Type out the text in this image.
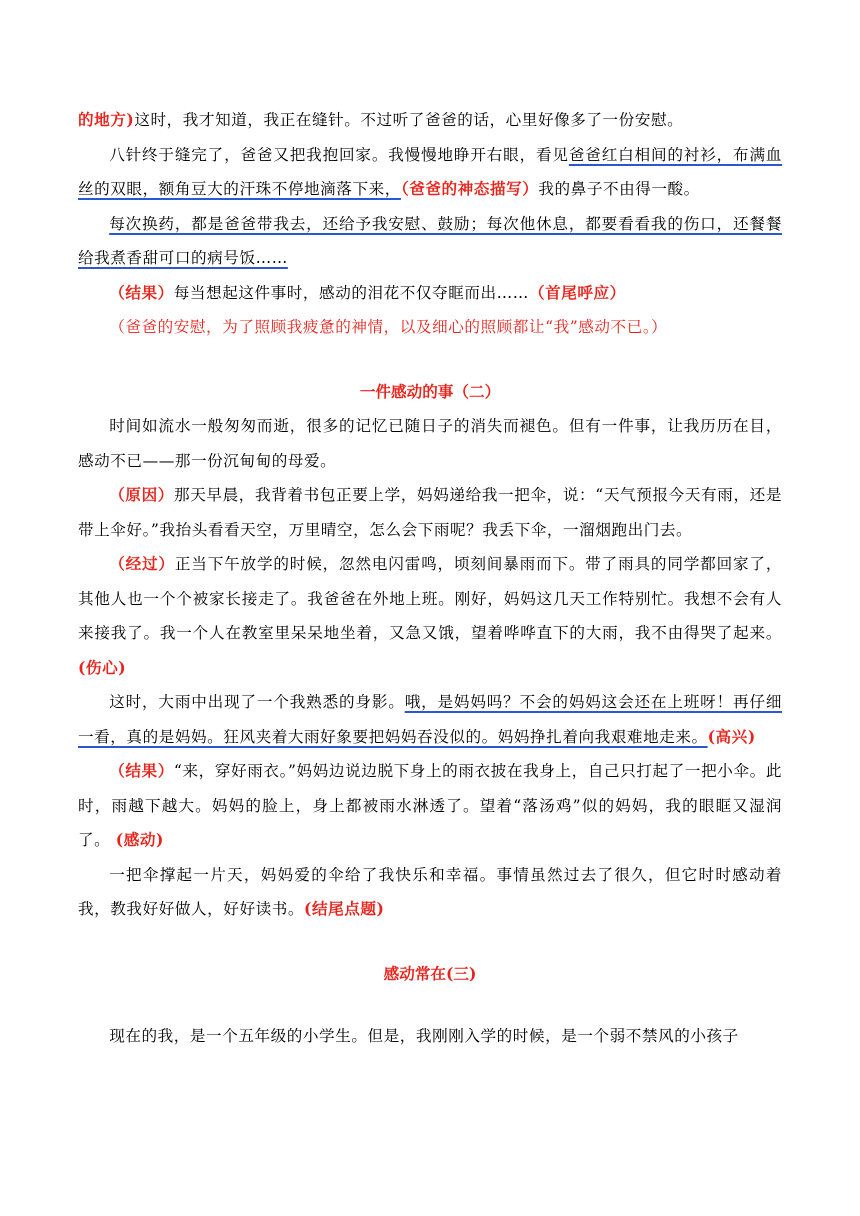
的地方)这时，我才知道，我正在缝针。不过听了爸爸的话，心里好像多了一份安慰。

八针终于缝完了，爸爸又把我抱回家。我慢慢地睁开右眼，看见爸爸红白相间的衬衫，布满血丝的双眼，额角豆大的汗珠不停地滴落下来，（爸爸的神态描写）我的鼻子不由得一酸。

每次换药，都是爸爸带我去，还给予我安慰、鼓励；每次他休息，都要看看我的伤口，还餐餐给我煮香甜可口的病号饭……

（结果）每当想起这件事时，感动的泪花不仅夺眶而出……（首尾呼应）

（爸爸的安慰，为了照顾我疲惫的神情，以及细心的照顾都让“我”感动不已。）

一件感动的事（二）

时间如流水一般匆匆而逝，很多的记忆已随日子的消失而褪色。但有一件事，让我历历在目，感动不已——那一份沉甸甸的母爱。

（原因）那天早晨，我背着书包正要上学，妈妈递给我一把伞，说：“天气预报今天有雨，还是带上伞好。”我抬头看看天空，万里晴空，怎么会下雨呢？我丢下伞，一溜烟跑出门去。

（经过）正当下午放学的时候，忽然电闪雷鸣，顷刻间暴雨而下。带了雨具的同学都回家了，其他人也一个个被家长接走了。我爸爸在外地上班。刚好，妈妈这几天工作特别忙。我想不会有人来接我了。我一个人在教室里呆呆地坐着，又急又饿，望着哗哗直下的大雨，我不由得哭了起来。(伤心)

这时，大雨中出现了一个我熟悉的身影。哦，是妈妈吗？不会的妈妈这会还在上班呀！再仔细一看，真的是妈妈。狂风夹着大雨好象要把妈妈吞没似的。妈妈挣扎着向我艰难地走来。(高兴)

（结果）“来，穿好雨衣。”妈妈边说边脱下身上的雨衣披在我身上，自己只打起了一把小伞。此时，雨越下越大。妈妈的脸上，身上都被雨水淋透了。望着“落汤鸡”似的妈妈，我的眼眶又湿润了。 (感动)

一把伞撑起一片天，妈妈爱的伞给了我快乐和幸福。事情虽然过去了很久，但它时时感动着我，教我好好做人，好好读书。(结尾点题)

感动常在(三)

现在的我，是一个五年级的小学生。但是，我刚刚入学的时候，是一个弱不禁风的小孩子
